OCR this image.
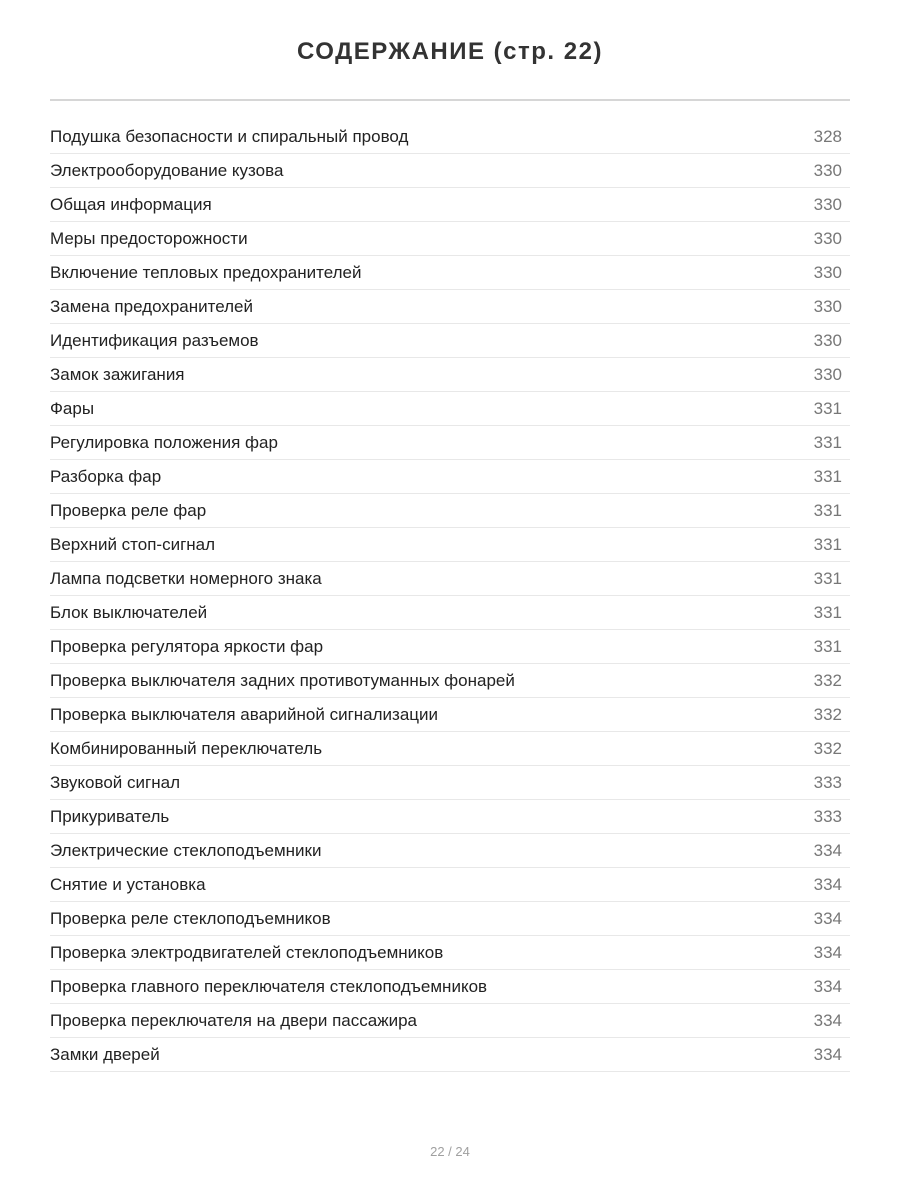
СОДЕРЖАНИЕ (стр. 22)
Подушка безопасности и спиральный провод	328
Электрооборудование кузова	330
Общая информация	330
Меры предосторожности	330
Включение тепловых предохранителей	330
Замена предохранителей	330
Идентификация разъемов	330
Замок зажигания	330
Фары	331
Регулировка положения фар	331
Разборка фар	331
Проверка реле фар	331
Верхний стоп-сигнал	331
Лампа подсветки номерного знака	331
Блок выключателей	331
Проверка регулятора яркости фар	331
Проверка выключателя задних противотуманных фонарей	332
Проверка выключателя аварийной сигнализации	332
Комбинированный переключатель	332
Звуковой сигнал	333
Прикуриватель	333
Электрические стеклоподъемники	334
Снятие и установка	334
Проверка реле стеклоподъемников	334
Проверка электродвигателей стеклоподъемников	334
Проверка главного переключателя стеклоподъемников	334
Проверка переключателя на двери пассажира	334
Замки дверей	334
22 / 24
